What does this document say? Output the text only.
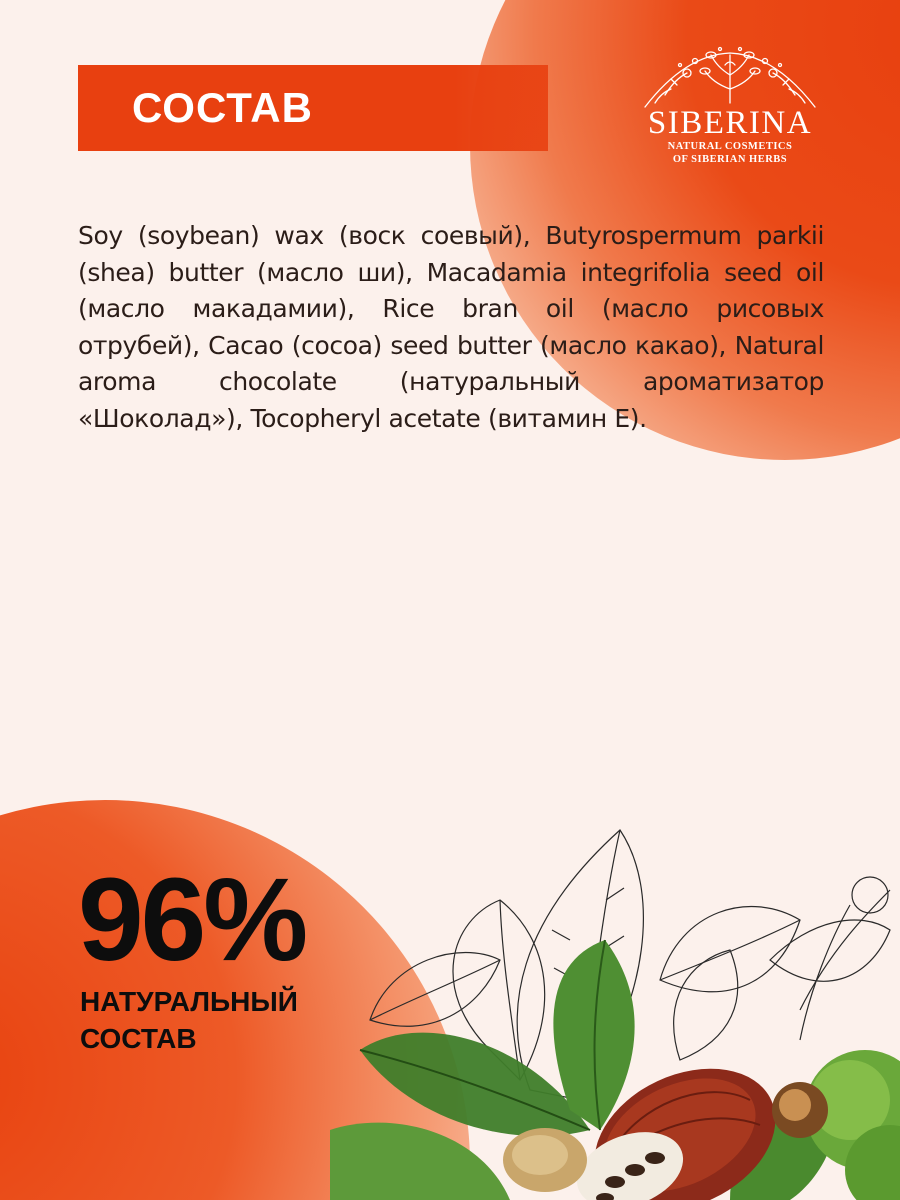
СОСТАВ	SIBERINA
NATURAL COSMETICS
OF SIBERIAN HERBS

Soy (soybean) wax (воск соевый), Butyrospermum parkii (shea) butter (масло ши), Macadamia integrifolia seed oil (масло макадамии), Rice bran oil (масло рисовых отрубей), Cacao (cocoa) seed butter (масло какао), Natural aroma chocolate (натуральный ароматизатор «Шоколад»), Tocopheryl acetate (витамин Е).

96%
НАТУРАЛЬНЫЙ
СОСТАВ
